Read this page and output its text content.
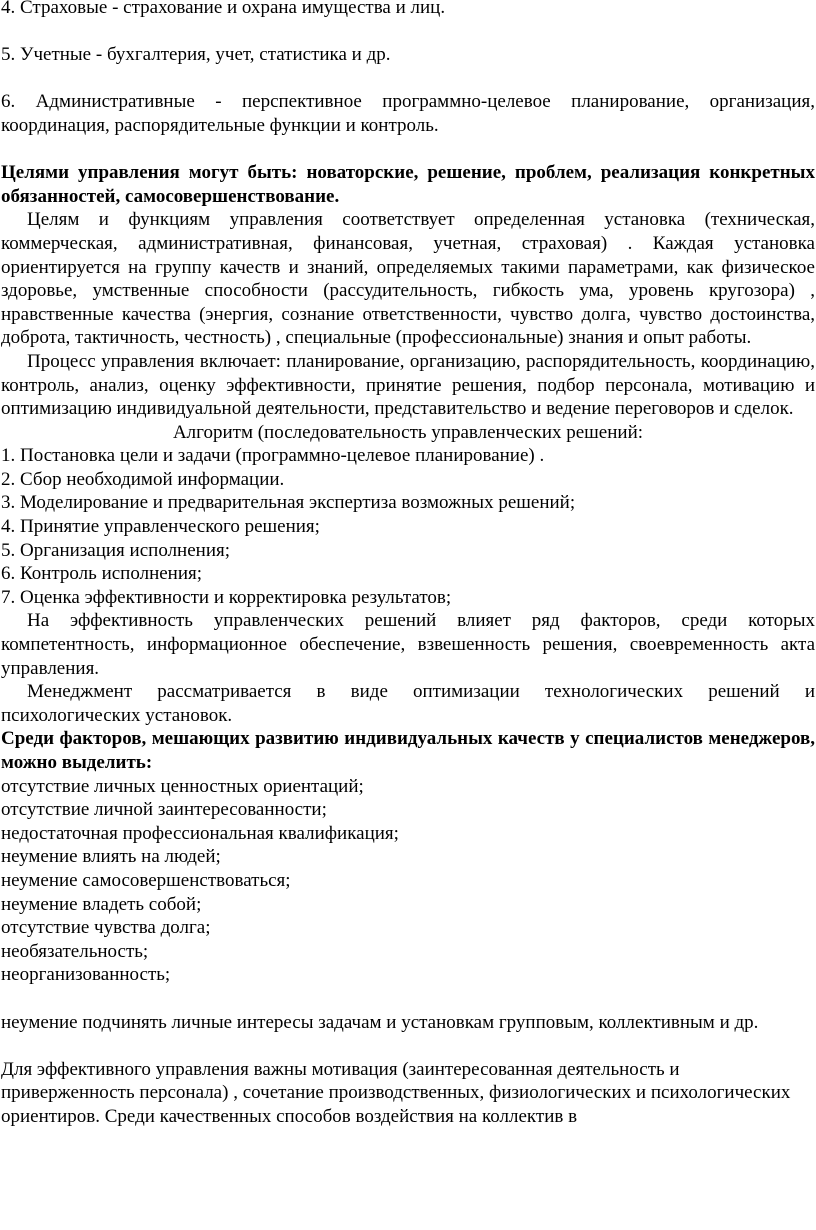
4. Страховые - страхование и охрана имущества и лиц.

5. Учетные - бухгалтерия, учет, статистика и др.

6. Административные - перспективное программно-целевое планирование, организация, координация, распорядительные функции и контроль.

Целями управления могут быть: новаторские, решение, проблем, реализация конкретных обязанностей, самосовершенствование.

Целям и функциям управления соответствует определенная установка (техническая, коммерческая, административная, финансовая, учетная, страховая) . Каждая установка ориентируется на группу качеств и знаний, определяемых такими параметрами, как физическое здоровье, умственные способности (рассудительность, гибкость ума, уровень кругозора) , нравственные качества (энергия, сознание ответственности, чувство долга, чувство достоинства, доброта, тактичность, честность) , специальные (профессиональные) знания и опыт работы.

Процесс управления включает: планирование, организацию, распорядительность, координацию, контроль, анализ, оценку эффективности, принятие решения, подбор персонала, мотивацию и оптимизацию индивидуальной деятельности, представительство и ведение переговоров и сделок.

Алгоритм (последовательность управленческих решений:

1. Постановка цели и задачи (программно-целевое планирование) .

2. Сбор необходимой информации.

3. Моделирование и предварительная экспертиза возможных решений;

4. Принятие управленческого решения;

5. Организация исполнения;

6. Контроль исполнения;

7. Оценка эффективности и корректировка результатов;

На эффективность управленческих решений влияет ряд факторов, среди которых компетентность, информационное обеспечение, взвешенность решения, своевременность акта управления.

Менеджмент рассматривается в виде оптимизации технологических решений и психологических установок.

Среди факторов, мешающих развитию индивидуальных качеств у специалистов менеджеров, можно выделить:

отсутствие личных ценностных ориентаций;

отсутствие личной заинтересованности;

недостаточная профессиональная квалификация;

неумение влиять на людей;

неумение самосовершенствоваться;

неумение владеть собой;

отсутствие чувства долга;

необязательность;

неорганизованность;

неумение подчинять личные интересы задачам и установкам групповым, коллективным и др.

Для эффективного управления важны мотивация (заинтересованная деятельность и приверженность персонала) , сочетание производственных, физиологических и психологических ориентиров. Среди качественных способов воздействия на коллектив в
